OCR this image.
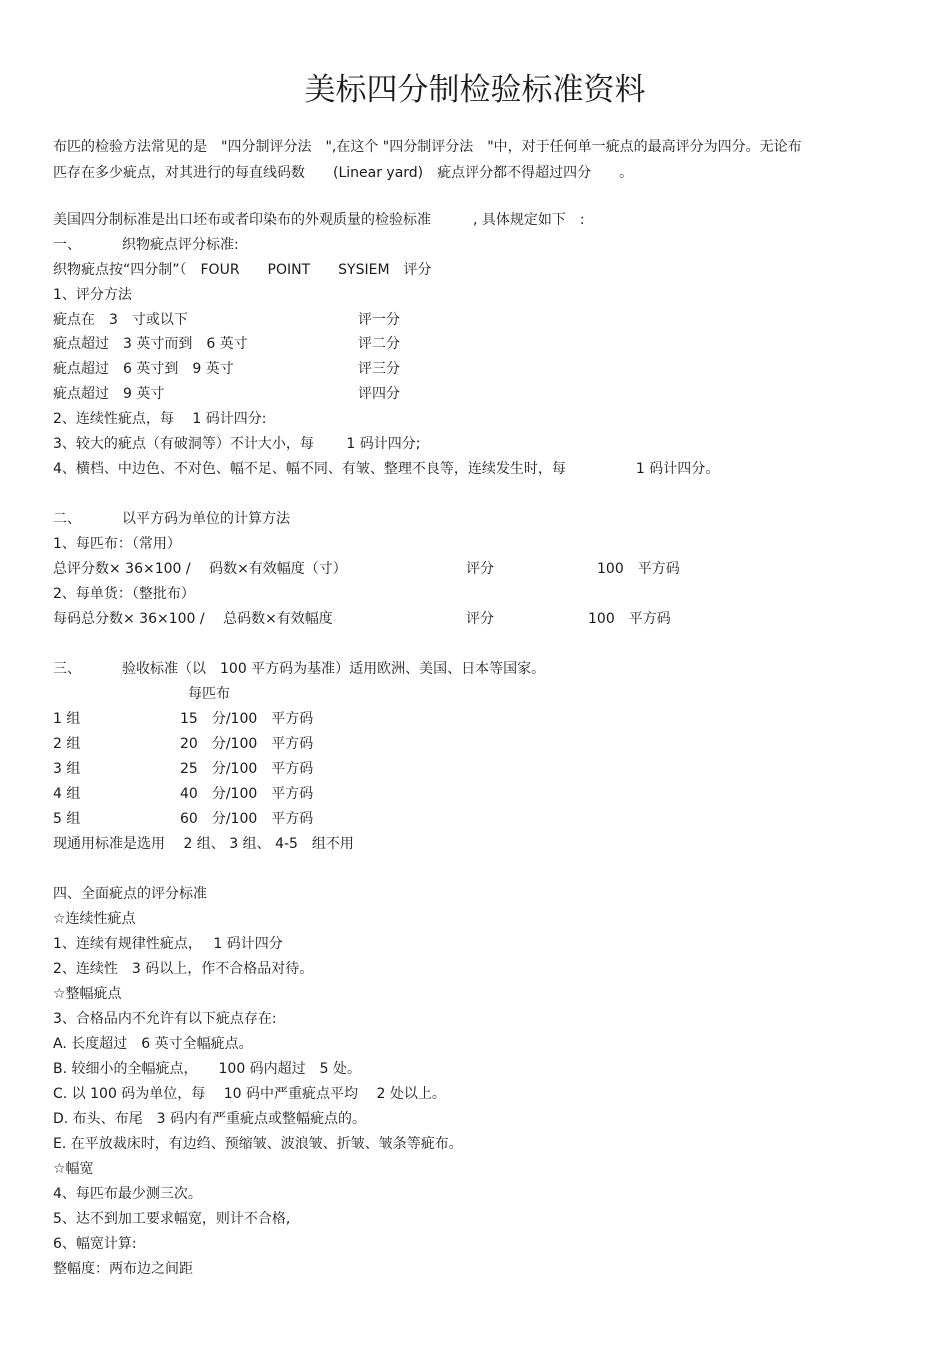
美标四分制检验标准资料
布匹的检验方法常见的是　"四分制评分法　",在这个 "四分制评分法　"中，对于任何单一疵点的最高评分为四分。无论布
匹存在多少疵点，对其进行的每直线码数　　(Linear yard)　疵点评分都不得超过四分　　。
美国四分制标准是出口坯布或者印染布的外观质量的检验标准　　　, 具体规定如下　:
一、	织物疵点评分标准:
织物疵点按“四分制”（　FOUR　　POINT　　SYSIEM　评分
1、评分方法
疵点在　3　寸或以下	评一分
疵点超过　3 英寸而到　6 英寸	评二分
疵点超过　6 英寸到　9 英寸	评三分
疵点超过　9 英寸	评四分
2、连续性疵点，每　 1 码计四分:
3、较大的疵点（有破洞等）不计大小，每　　 1 码计四分;
4、横档、中边色、不对色、幅不足、幅不同、有皱、整理不良等，连续发生时，每　　　　　1 码计四分。
二、	以平方码为单位的计算方法
1、每匹布：（常用）
总评分数× 36×100 /　 码数×有效幅度（寸）	评分	100　平方码
2、每单货：（整批布）
每码总分数× 36×100 /　 总码数×有效幅度	评分	100　平方码
三、	验收标准（以　100 平方码为基准）适用欧洲、美国、日本等国家。
每匹布
1 组	15　分/100　平方码
2 组	20　分/100　平方码
3 组	25　分/100　平方码
4 组	40　分/100　平方码
5 组	60　分/100　平方码
现通用标准是选用　 2 组、 3 组、 4-5　组不用
四、全面疵点的评分标准
☆连续性疵点
1、连续有规律性疵点，　 1 码计四分
2、连续性　3 码以上，作不合格品对待。
☆整幅疵点
3、合格品内不允许有以下疵点存在:
A. 长度超过　6 英寸全幅疵点。
B. 较细小的全幅疵点，　　100 码内超过　5 处。
C. 以 100 码为单位，每　 10 码中严重疵点平均　 2 处以上。
D. 布头、布尾　3 码内有严重疵点或整幅疵点的。
E. 在平放裁床时，有边绉、预缩皱、波浪皱、折皱、皱条等疵布。
☆幅宽
4、每匹布最少测三次。
5、达不到加工要求幅宽，则计不合格,
6、幅宽计算:
整幅度：两布边之间距
